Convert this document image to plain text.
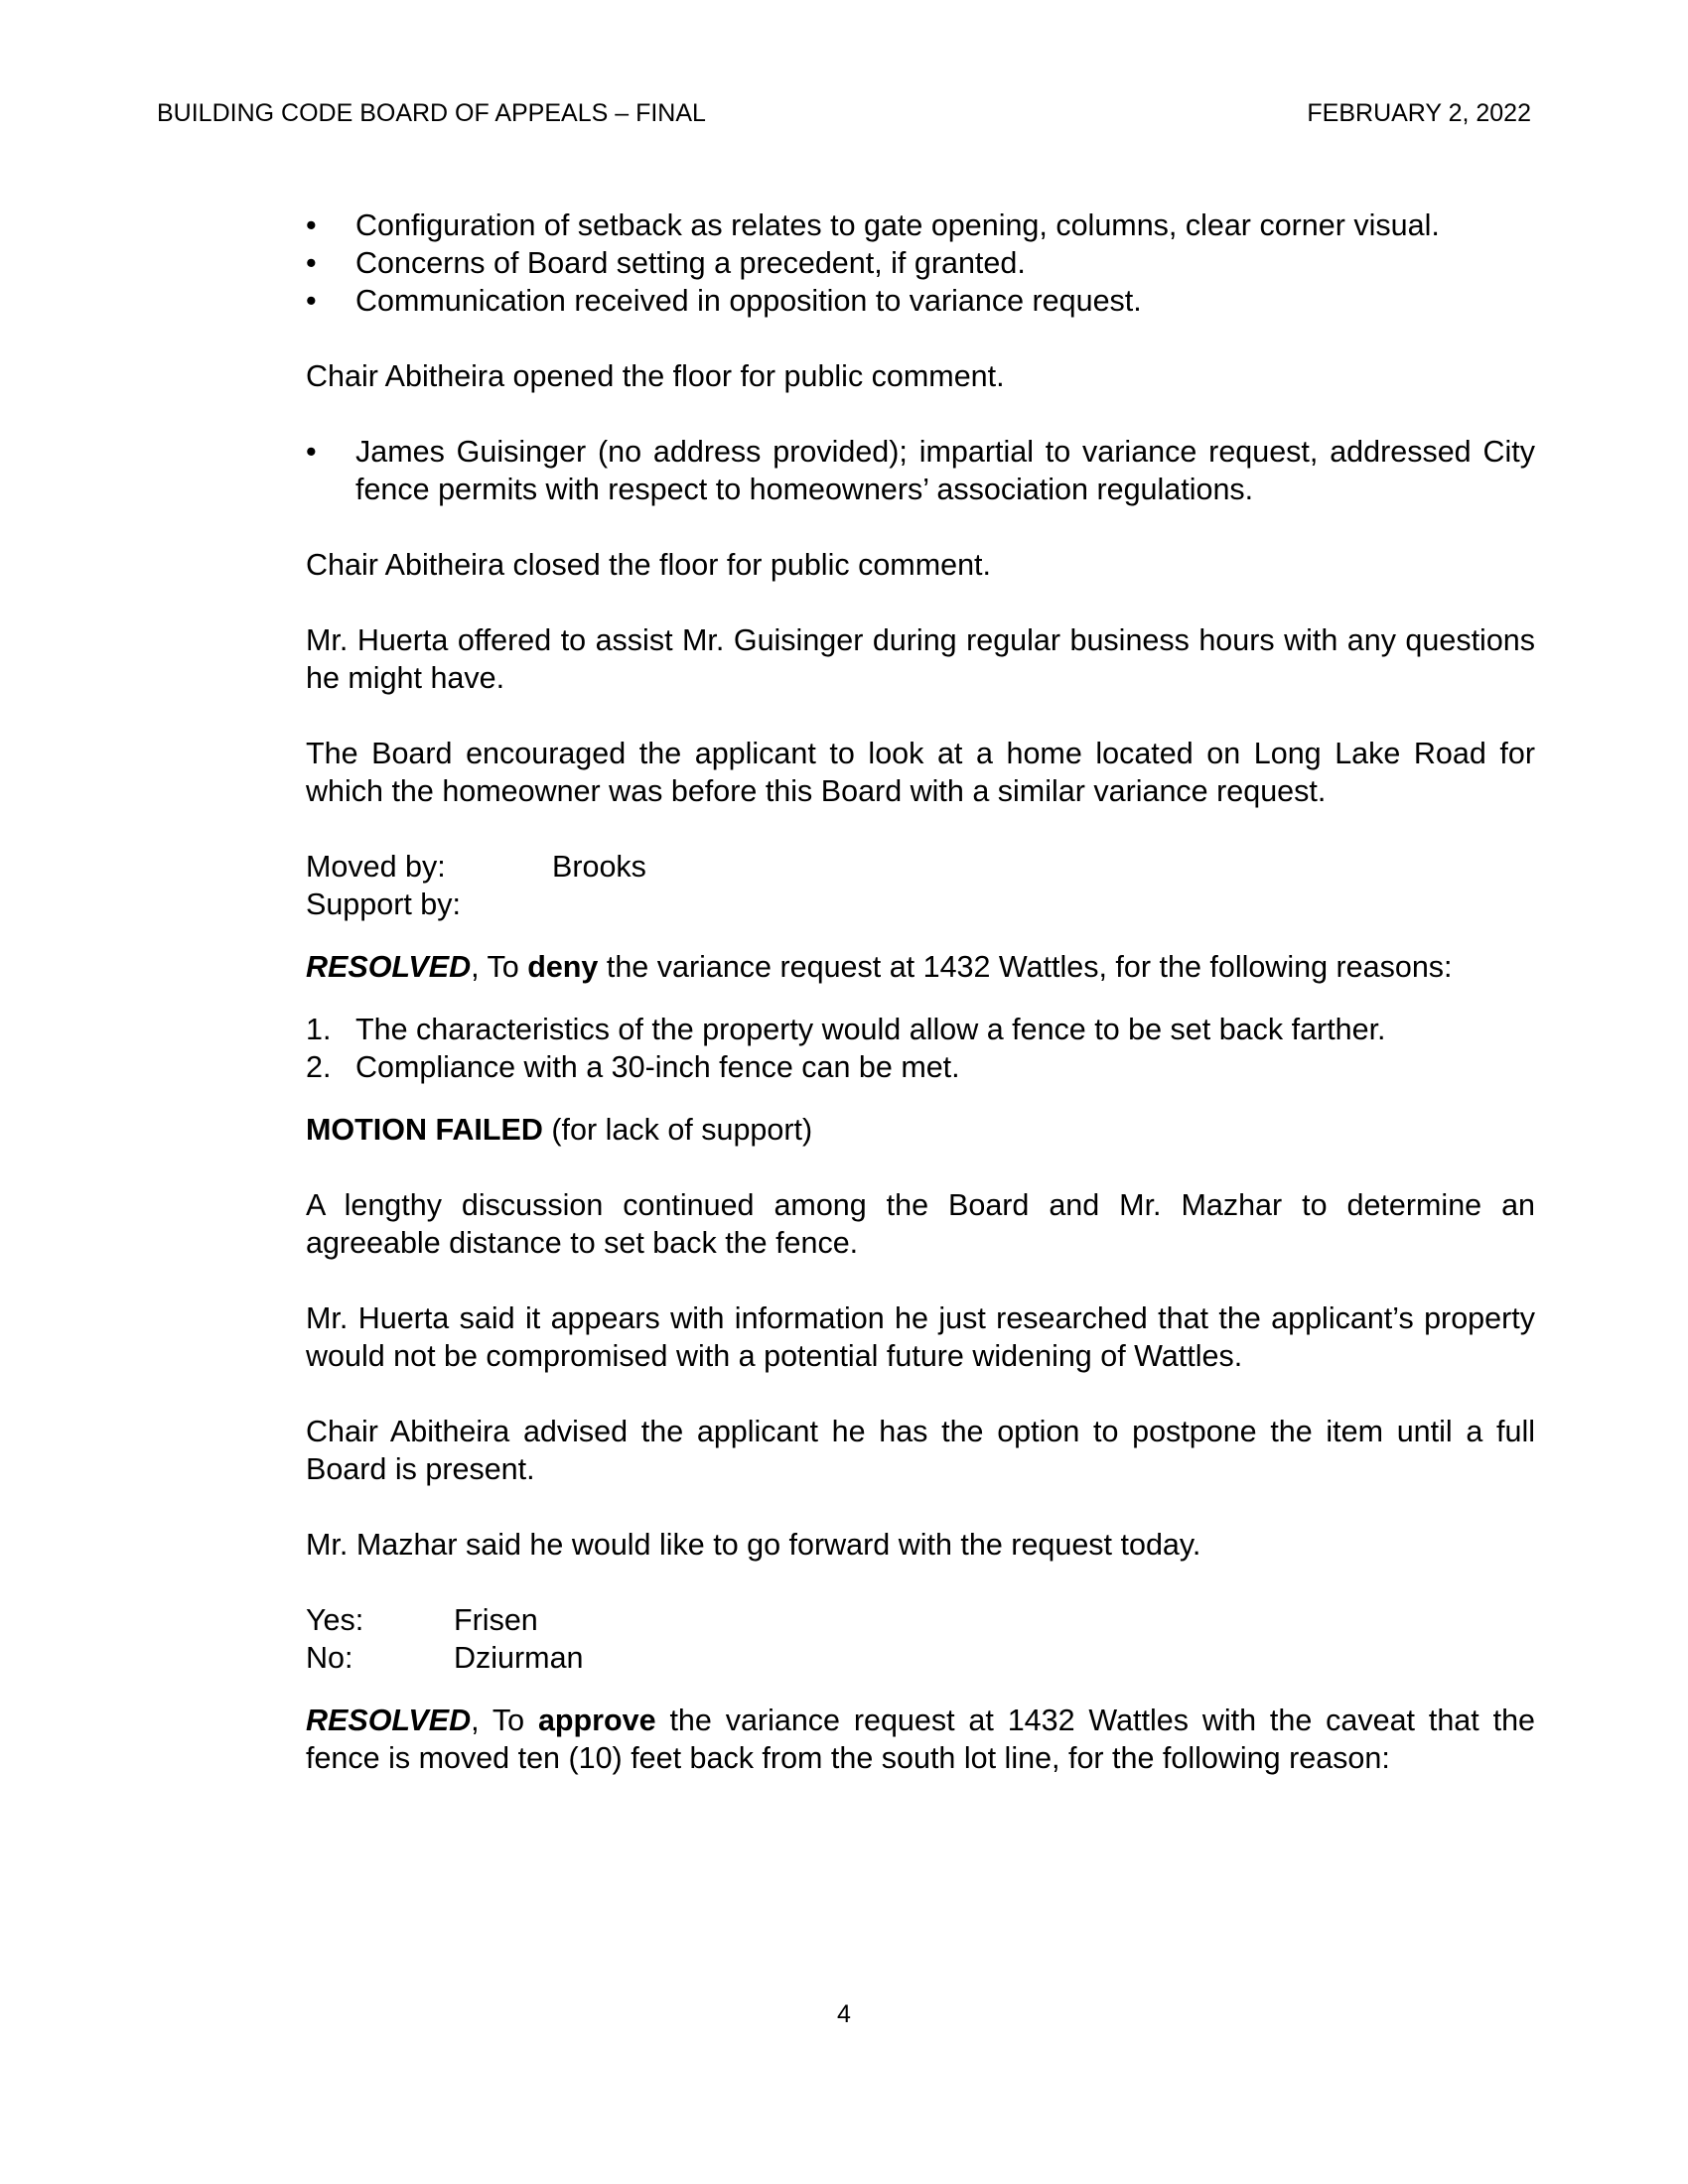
BUILDING CODE BOARD OF APPEALS – FINAL	FEBRUARY 2, 2022
• Configuration of setback as relates to gate opening, columns, clear corner visual.
• Concerns of Board setting a precedent, if granted.
• Communication received in opposition to variance request.

Chair Abitheira opened the floor for public comment.

• James Guisinger (no address provided); impartial to variance request, addressed City fence permits with respect to homeowners’ association regulations.

Chair Abitheira closed the floor for public comment.

Mr. Huerta offered to assist Mr. Guisinger during regular business hours with any questions he might have.

The Board encouraged the applicant to look at a home located on Long Lake Road for which the homeowner was before this Board with a similar variance request.

Moved by:	Brooks
Support by:

RESOLVED, To deny the variance request at 1432 Wattles, for the following reasons:

1. The characteristics of the property would allow a fence to be set back farther.
2. Compliance with a 30-inch fence can be met.

MOTION FAILED (for lack of support)

A lengthy discussion continued among the Board and Mr. Mazhar to determine an agreeable distance to set back the fence.

Mr. Huerta said it appears with information he just researched that the applicant’s property would not be compromised with a potential future widening of Wattles.

Chair Abitheira advised the applicant he has the option to postpone the item until a full Board is present.

Mr. Mazhar said he would like to go forward with the request today.

Yes:	Frisen
No:	Dziurman

RESOLVED, To approve the variance request at 1432 Wattles with the caveat that the fence is moved ten (10) feet back from the south lot line, for the following reason:

4
